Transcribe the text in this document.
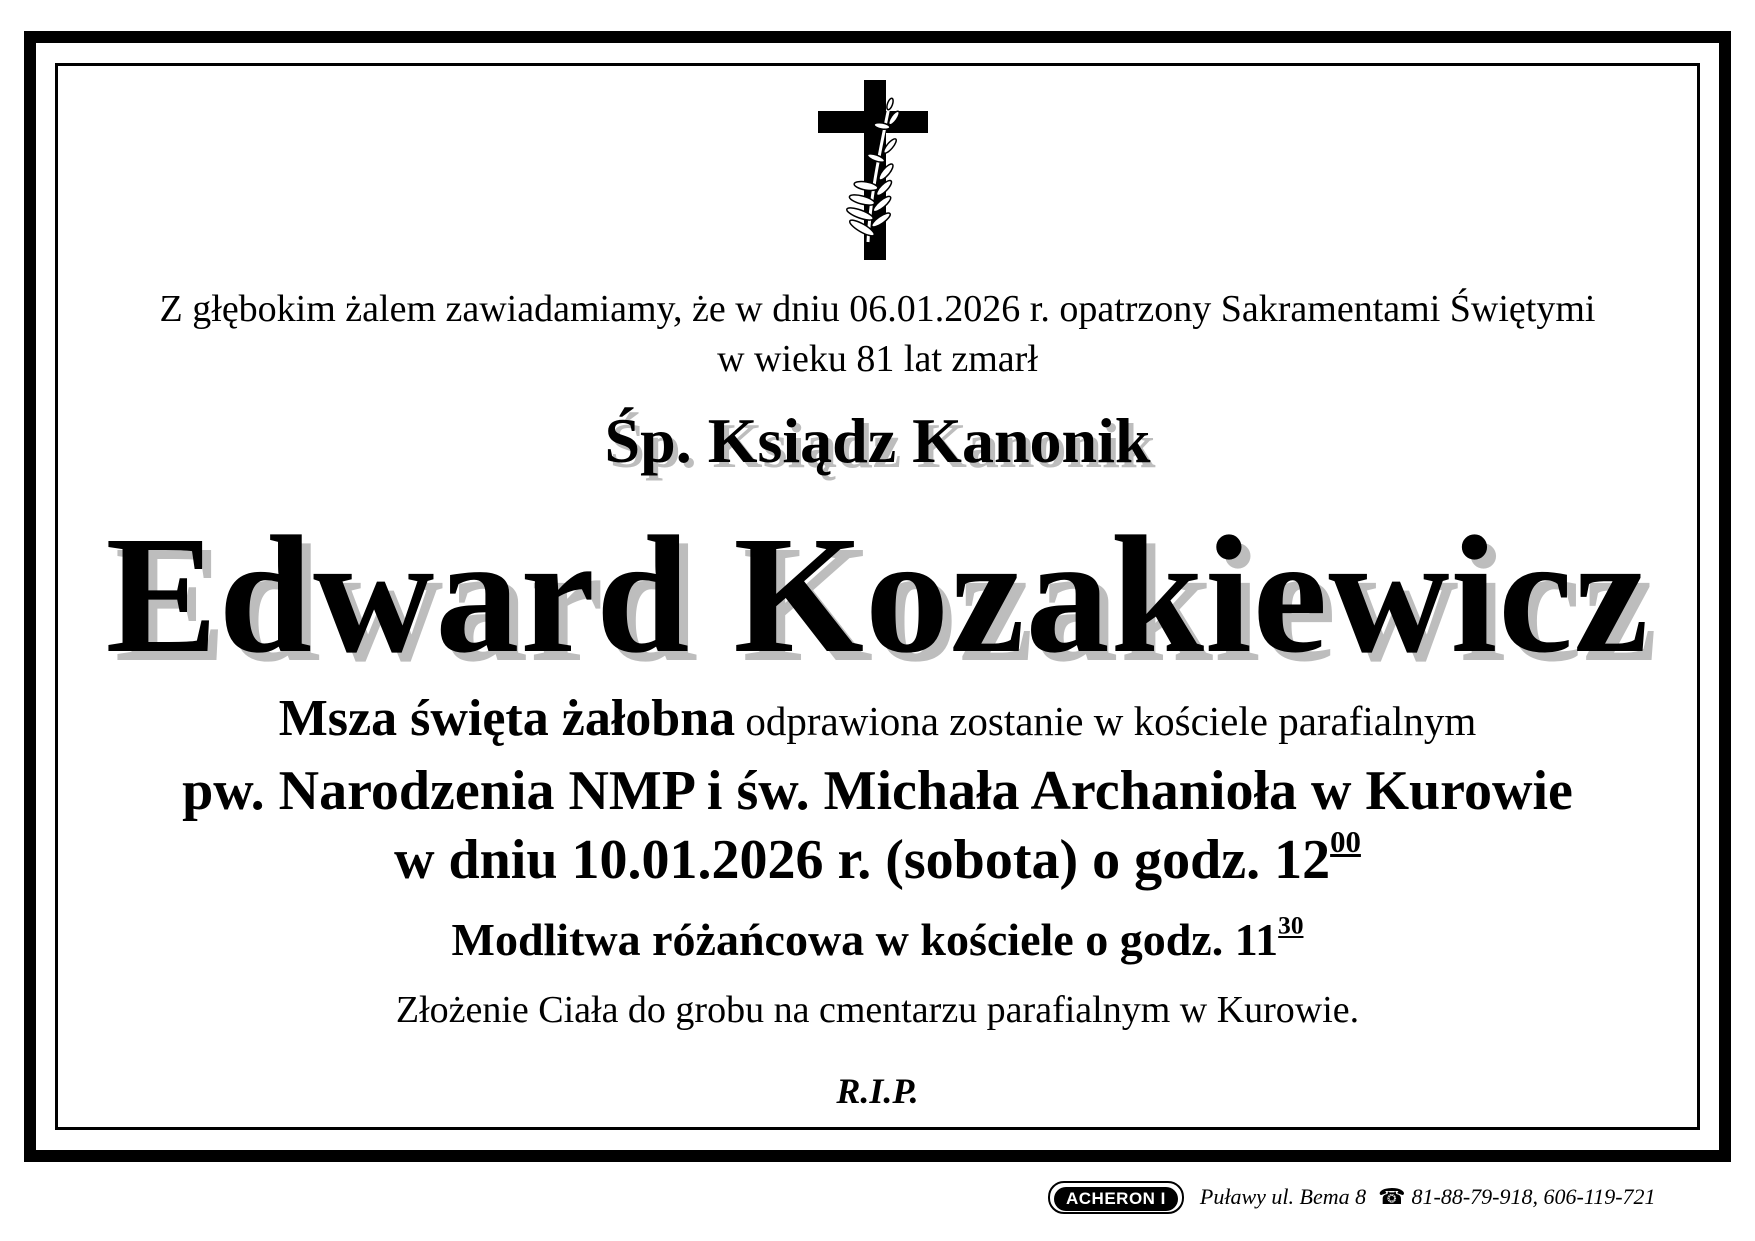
Z głębokim żalem zawiadamiamy, że w dniu 06.01.2026 r. opatrzony Sakramentami Świętymi
w wieku 81 lat zmarł
Śp. Ksiądz Kanonik
Edward Kozakiewicz
Msza święta żałobna odprawiona zostanie w kościele parafialnym
pw. Narodzenia NMP i św. Michała Archanioła w Kurowie
w dniu 10.01.2026 r. (sobota) o godz. $12^{00}$
Modlitwa różańcowa w kościele o godz. $11^{30}$
Złożenie Ciała do grobu na cmentarzu parafialnym w Kurowie.
R.I.P.
ACHERON I	Puławy ul. Bema 8 ☎ 81-88-79-918, 606-119-721
